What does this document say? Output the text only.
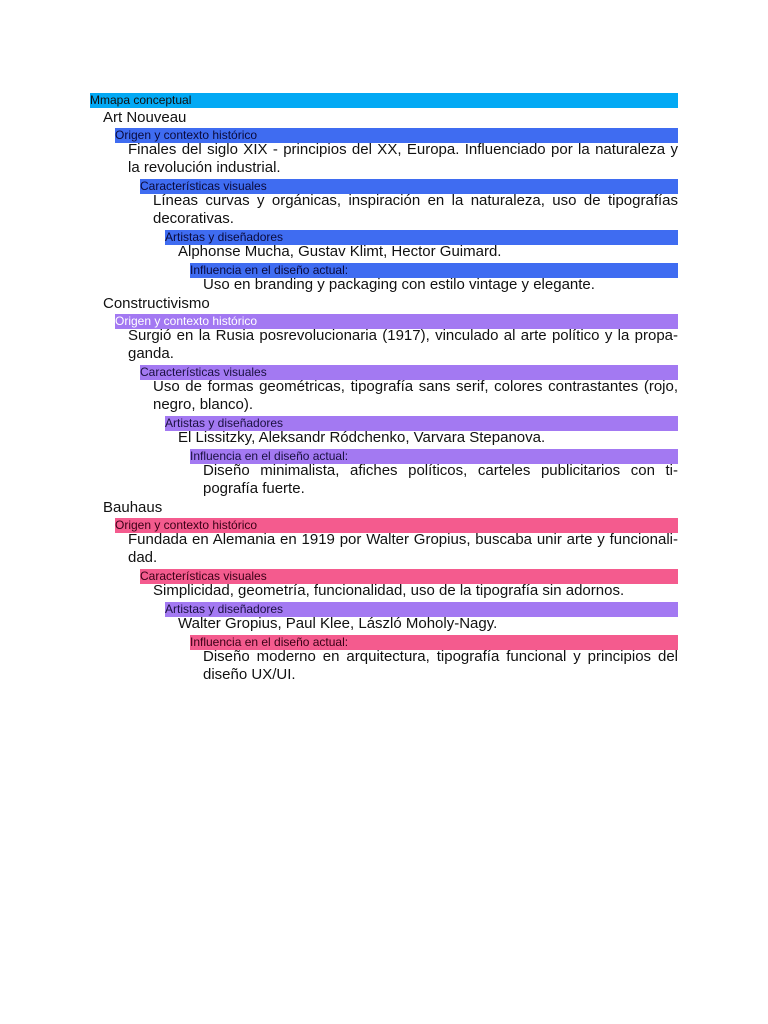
Mmapa conceptual
Art Nouveau
Origen y contexto histórico
Finales del siglo XIX - principios del XX, Europa. Influenciado por la naturaleza y la revolución industrial.
Características visuales
Líneas curvas y orgánicas, inspiración en la naturaleza, uso de tipografías decorativas.
Artistas y diseñadores
Alphonse Mucha, Gustav Klimt, Hector Guimard.
Influencia en el diseño actual:
Uso en branding y packaging con estilo vintage y elegante.
Constructivismo
Origen y contexto histórico
Surgió en la Rusia posrevolucionaria (1917), vinculado al arte político y la propaganda.
Características visuales
Uso de formas geométricas, tipografía sans serif, colores contrastantes (rojo, negro, blanco).
Artistas y diseñadores
El Lissitzky, Aleksandr Ródchenko, Varvara Stepanova.
Influencia en el diseño actual:
Diseño minimalista, afiches políticos, carteles publicitarios con tipografía fuerte.
Bauhaus
Origen y contexto histórico
Fundada en Alemania en 1919 por Walter Gropius, buscaba unir arte y funcionalidad.
Características visuales
Simplicidad, geometría, funcionalidad, uso de la tipografía sin adornos.
Artistas y diseñadores
Walter Gropius, Paul Klee, László Moholy-Nagy.
Influencia en el diseño actual:
Diseño moderno en arquitectura, tipografía funcional y principios del diseño UX/UI.
